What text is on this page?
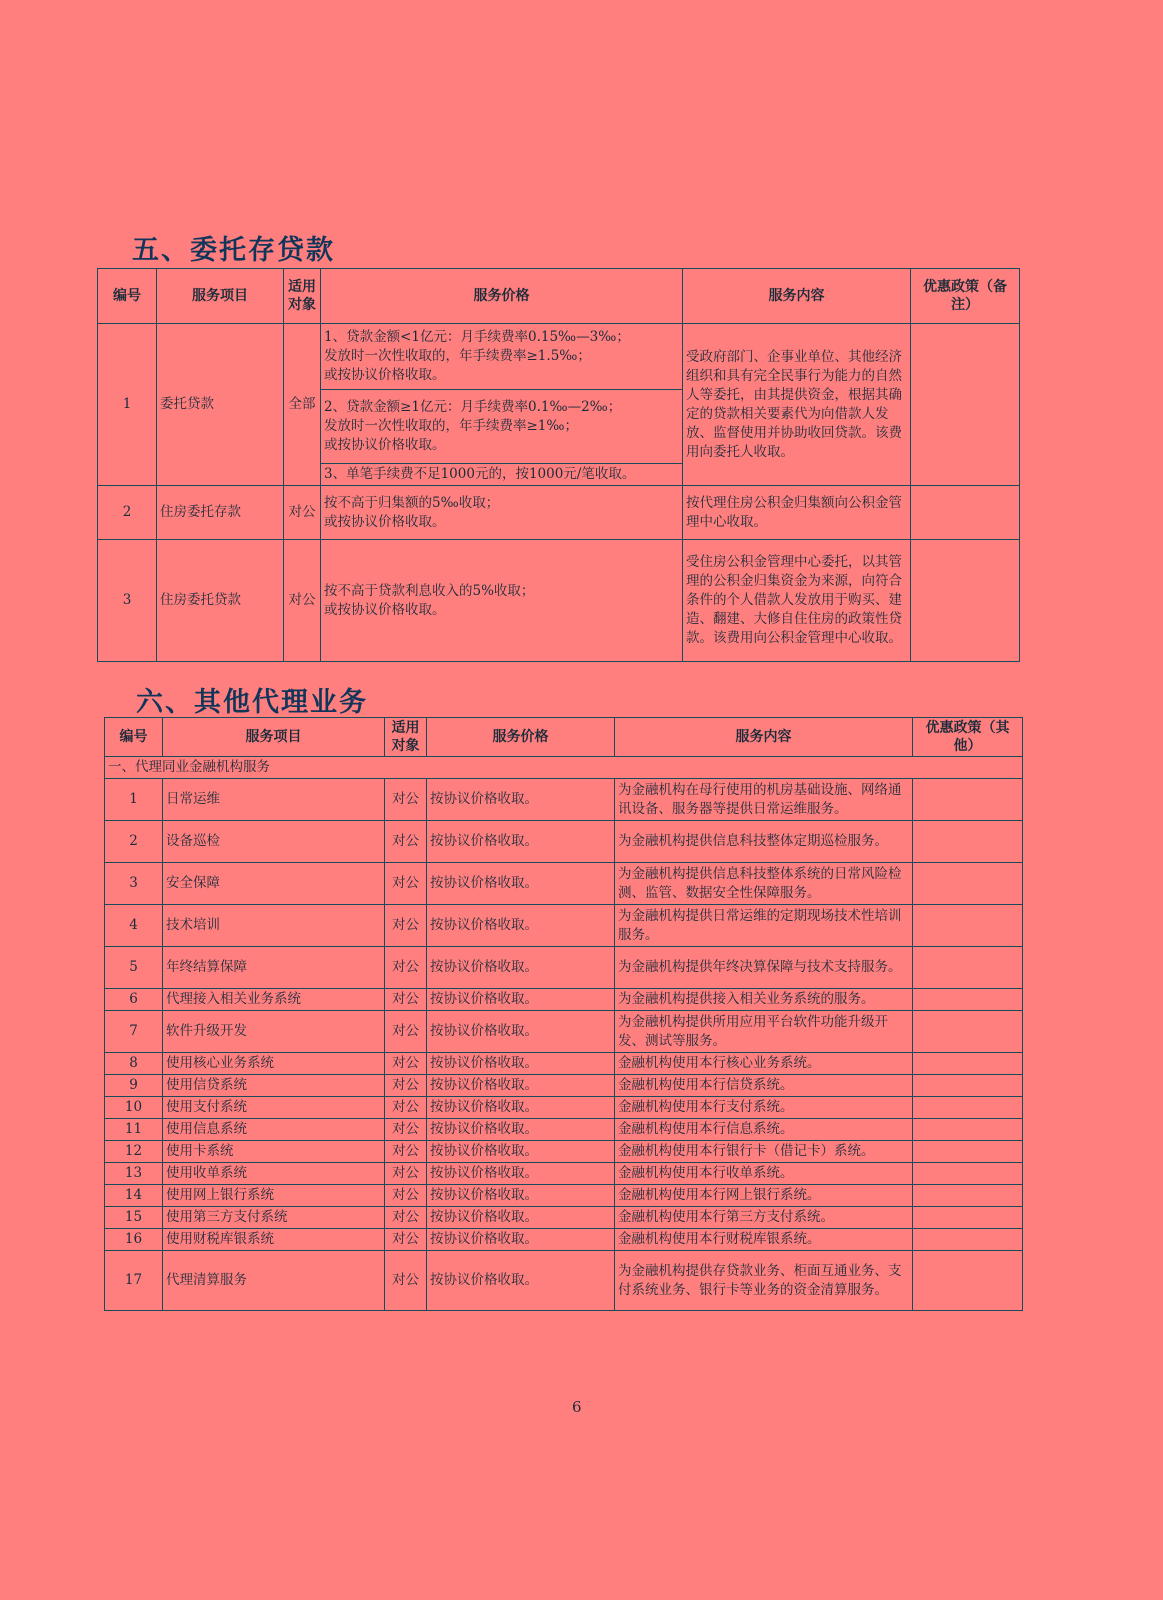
五、委托存贷款
编号	服务项目	适用对象	服务价格	服务内容	优惠政策（备注）
1	委托贷款	全部	1、贷款金额<1亿元：月手续费率0.15‰—3‰；
发放时一次性收取的，年手续费率≥1.5‰；
或按协议价格收取。	受政府部门、企事业单位、其他经济组织和具有完全民事行为能力的自然人等委托，由其提供资金，根据其确定的贷款相关要素代为向借款人发放、监督使用并协助收回贷款。该费用向委托人收取。	
			2、贷款金额≥1亿元：月手续费率0.1‰—2‰；
发放时一次性收取的，年手续费率≥1‰；
或按协议价格收取。		
			3、单笔手续费不足1000元的，按1000元/笔收取。		
2	住房委托存款	对公	按不高于归集额的5‰收取；
或按协议价格收取。	按代理住房公积金归集额向公积金管理中心收取。	
3	住房委托贷款	对公	按不高于贷款利息收入的5%收取；
或按协议价格收取。	受住房公积金管理中心委托，以其管理的公积金归集资金为来源，向符合条件的个人借款人发放用于购买、建造、翻建、大修自住住房的政策性贷款。该费用向公积金管理中心收取。	
六、其他代理业务
编号	服务项目	适用对象	服务价格	服务内容	优惠政策（其他）
一、代理同业金融机构服务					
1	日常运维	对公	按协议价格收取。	为金融机构在母行使用的机房基础设施、网络通讯设备、服务器等提供日常运维服务。	
2	设备巡检	对公	按协议价格收取。	为金融机构提供信息科技整体定期巡检服务。	
3	安全保障	对公	按协议价格收取。	为金融机构提供信息科技整体系统的日常风险检测、监管、数据安全性保障服务。	
4	技术培训	对公	按协议价格收取。	为金融机构提供日常运维的定期现场技术性培训服务。	
5	年终结算保障	对公	按协议价格收取。	为金融机构提供年终决算保障与技术支持服务。	
6	代理接入相关业务系统	对公	按协议价格收取。	为金融机构提供接入相关业务系统的服务。	
7	软件升级开发	对公	按协议价格收取。	为金融机构提供所用应用平台软件功能升级开发、测试等服务。	
8	使用核心业务系统	对公	按协议价格收取。	金融机构使用本行核心业务系统。	
9	使用信贷系统	对公	按协议价格收取。	金融机构使用本行信贷系统。	
10	使用支付系统	对公	按协议价格收取。	金融机构使用本行支付系统。	
11	使用信息系统	对公	按协议价格收取。	金融机构使用本行信息系统。	
12	使用卡系统	对公	按协议价格收取。	金融机构使用本行银行卡（借记卡）系统。	
13	使用收单系统	对公	按协议价格收取。	金融机构使用本行收单系统。	
14	使用网上银行系统	对公	按协议价格收取。	金融机构使用本行网上银行系统。	
15	使用第三方支付系统	对公	按协议价格收取。	金融机构使用本行第三方支付系统。	
16	使用财税库银系统	对公	按协议价格收取。	金融机构使用本行财税库银系统。	
17	代理清算服务	对公	按协议价格收取。	为金融机构提供存贷款业务、柜面互通业务、支付系统业务、银行卡等业务的资金清算服务。	
6
